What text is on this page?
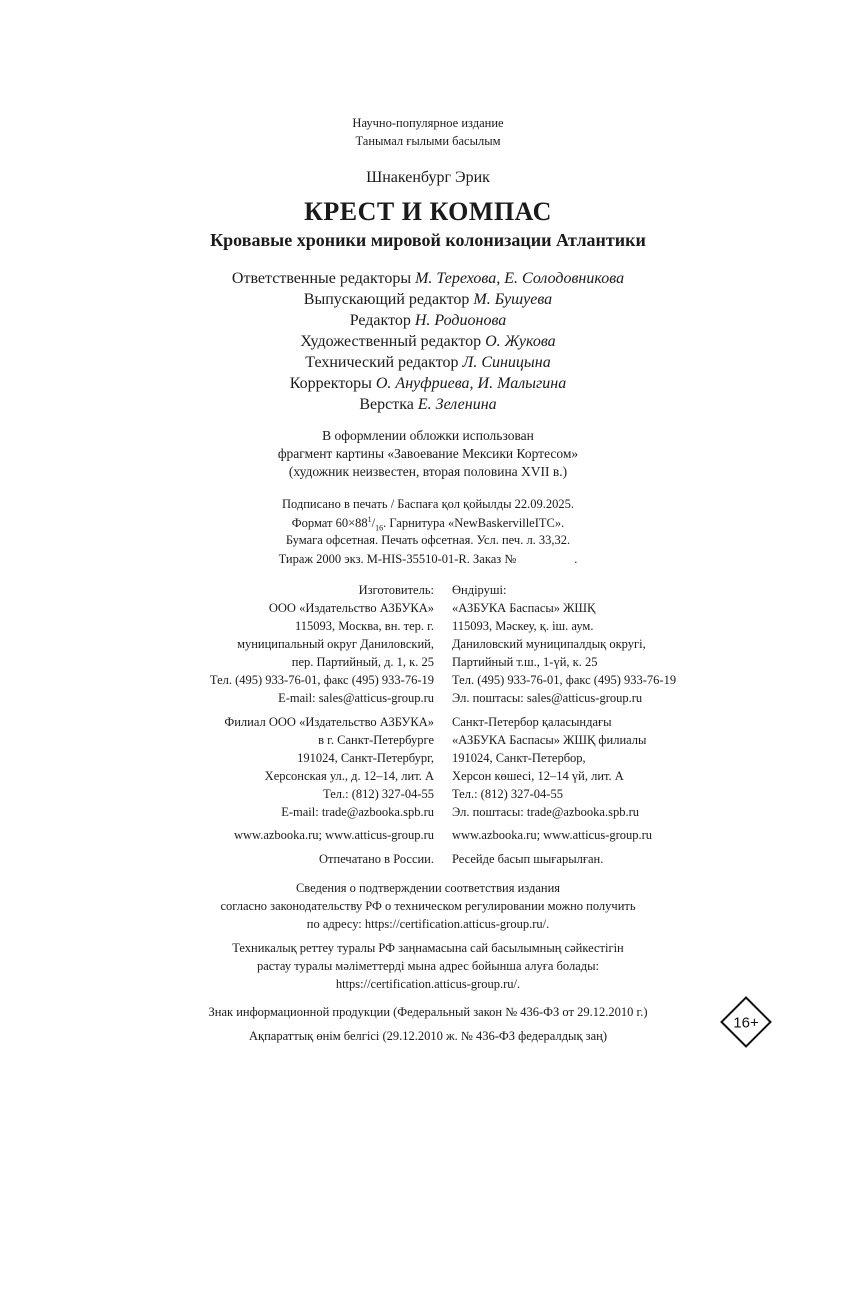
Научно-популярное издание
Танымал ғылыми басылым
Шнакенбург Эрик
КРЕСТ И КОМПАС
Кровавые хроники мировой колонизации Атлантики
Ответственные редакторы М. Терехова, Е. Солодовникова
Выпускающий редактор М. Бушуева
Редактор Н. Родионова
Художественный редактор О. Жукова
Технический редактор Л. Синицына
Корректоры О. Ануфриева, И. Малыгина
Верстка Е. Зеленина
В оформлении обложки использован
фрагмент картины «Завоевание Мексики Кортесом»
(художник неизвестен, вторая половина XVII в.)
Подписано в печать / Баспаға қол қойылды 22.09.2025.
Формат $60\times 88^1/_{16}$. Гарнитура «NewBaskervilleITC».
Бумага офсетная. Печать офсетная. Усл. печ. л. 33,32.
Тираж 2000 экз. M-HIS-35510-01-R. Заказ №	.
Изготовитель:
ООО «Издательство АЗБУКА»
115093, Москва, вн. тер. г.
муниципальный округ Даниловский,
пер. Партийный, д. 1, к. 25
Тел. (495) 933-76-01, факс (495) 933-76-19
E-mail: sales@atticus-group.ru
Өндіруші:
«АЗБУКА Баспасы» ЖШҚ
115093, Мәскеу, қ. іш. аум.
Даниловский муниципалдық округі,
Партийный т.ш., 1-үй, к. 25
Тел. (495) 933-76-01, факс (495) 933-76-19
Эл. поштасы: sales@atticus-group.ru
Филиал ООО «Издательство АЗБУКА»
в г. Санкт-Петербурге
191024, Санкт-Петербург,
Херсонская ул., д. 12–14, лит. А
Тел.: (812) 327-04-55
E-mail: trade@azbooka.spb.ru
Санкт-Петербор қаласындағы
«АЗБУКА Баспасы» ЖШҚ филиалы
191024, Санкт-Петербор,
Херсон көшесі, 12–14 үй, лит. А
Тел.: (812) 327-04-55
Эл. поштасы: trade@azbooka.spb.ru
www.azbooka.ru; www.atticus-group.ru www.azbooka.ru; www.atticus-group.ru
Отпечатано в России. Ресейде басып шығарылған.
Сведения о подтверждении соответствия издания
согласно законодательству РФ о техническом регулировании можно получить
по адресу: https://certification.atticus-group.ru/.
Техникалық реттеу туралы РФ заңнамасына сай басылымның сәйкестігін
растау туралы мәліметтерді мына адрес бойынша алуға болады:
https://certification.atticus-group.ru/.
Знак информационной продукции (Федеральный закон № 436-ФЗ от 29.12.2010 г.)
Ақпараттық өнім белгісі (29.12.2010 ж. № 436-ФЗ федералдық заң)
16+
